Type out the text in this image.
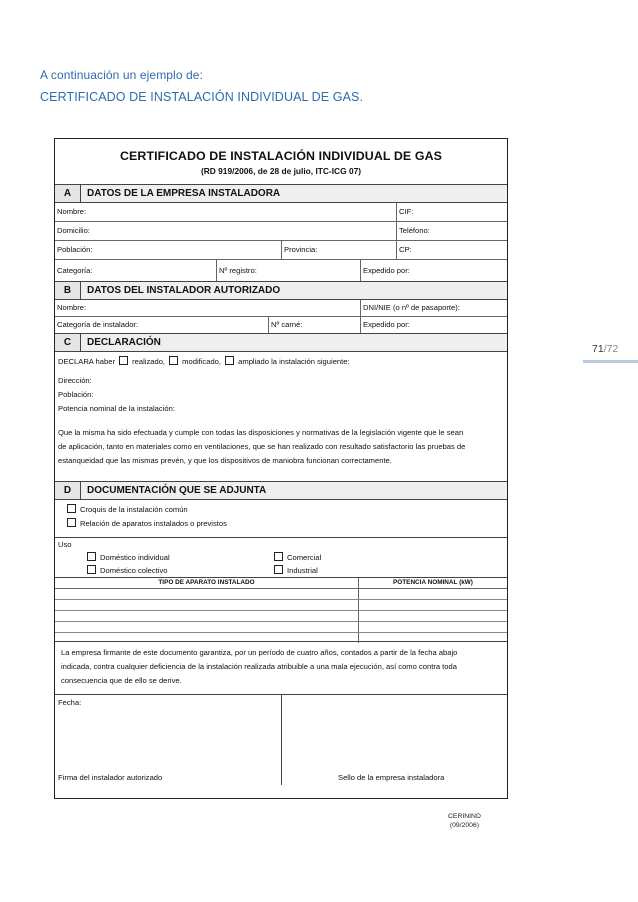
A continuación un ejemplo de:
CERTIFICADO DE INSTALACIÓN INDIVIDUAL DE GAS.
71/72
CERTIFICADO DE INSTALACIÓN INDIVIDUAL DE GAS
(RD 919/2006, de 28 de julio, ITC-ICG 07)
A	DATOS DE LA EMPRESA INSTALADORA
Nombre:	CIF:
Domicilio:	Teléfono:
Población:	Provincia:	CP:
Categoría:	Nº registro:	Expedido por:
B	DATOS DEL INSTALADOR AUTORIZADO
Nombre:	DNI/NIE (o nº de pasaporte):
Categoría de instalador:	Nº carné:	Expedido por:
C	DECLARACIÓN
DECLARA haber realizado, modificado, ampliado la instalación siguiente:
Dirección:
Población:
Potencia nominal de la instalación:
Que la misma ha sido efectuada y cumple con todas las disposiciones y normativas de la legislación vigente que le sean
de aplicación, tanto en materiales como en ventilaciones, que se han realizado con resultado satisfactorio las pruebas de
estanqueidad que las mismas prevén, y que los dispositivos de maniobra funcionan correctamente.
D	DOCUMENTACIÓN QUE SE ADJUNTA
Croquis de la instalación común
Relación de aparatos instalados o previstos
Uso
Doméstico individual
Doméstico colectivo
Comercial
Industrial
TIPO DE APARATO INSTALADO	POTENCIA NOMINAL (kW)
La empresa firmante de este documento garantiza, por un período de cuatro años, contados a partir de la fecha abajo
indicada, contra cualquier deficiencia de la instalación realizada atribuible a una mala ejecución, así como contra toda
consecuencia que de ello se derive.
Fecha:
Firma del instalador autorizado	Sello de la empresa instaladora
CERININD
(09/2006)
